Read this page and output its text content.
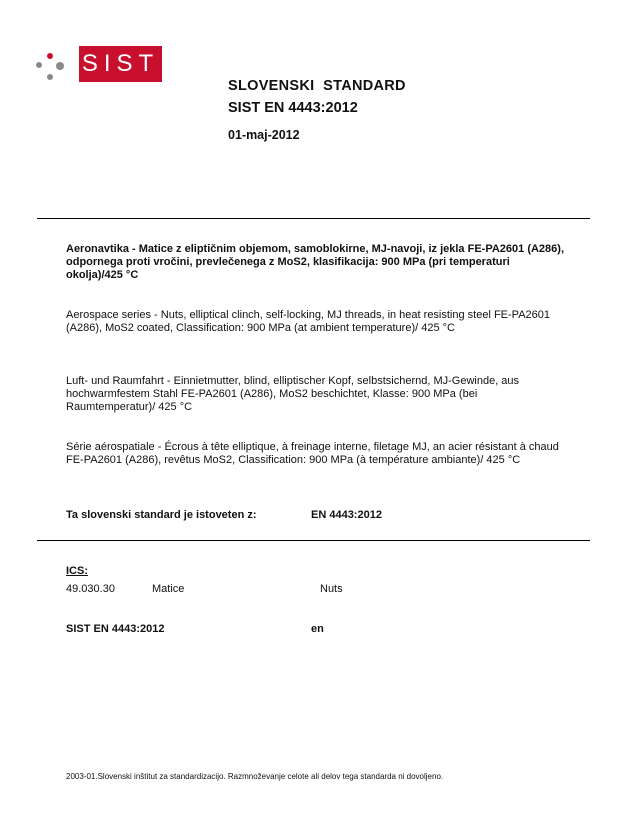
SIST
SLOVENSKI  STANDARD
SIST EN 4443:2012
01-maj-2012
Aeronavtika - Matice z eliptičnim objemom, samoblokirne, MJ-navoji, iz jekla FE-PA2601 (A286), odpornega proti vročini, prevlečenega z MoS2, klasifikacija: 900 MPa (pri temperaturi okolja)/425 °C
Aerospace series - Nuts, elliptical clinch, self-locking, MJ threads, in heat resisting steel FE-PA2601 (A286), MoS2 coated, Classification: 900 MPa (at ambient temperature)/ 425 °C
Luft- und Raumfahrt - Einnietmutter, blind, elliptischer Kopf, selbstsichernd, MJ-Gewinde, aus hochwarmfestem Stahl FE-PA2601 (A286), MoS2 beschichtet, Klasse: 900 MPa (bei Raumtemperatur)/ 425 °C
Série aérospatiale - Écrous à tête elliptique, à freinage interne, filetage MJ, an acier résistant à chaud FE-PA2601 (A286), revêtus MoS2, Classification: 900 MPa (à température ambiante)/ 425 °C
Ta slovenski standard je istoveten z:	EN 4443:2012
ICS:
49.030.30	Matice	Nuts
SIST EN 4443:2012	en
2003-01.Slovenski inštitut za standardizacijo. Razmnoževanje celote ali delov tega standarda ni dovoljeno.
